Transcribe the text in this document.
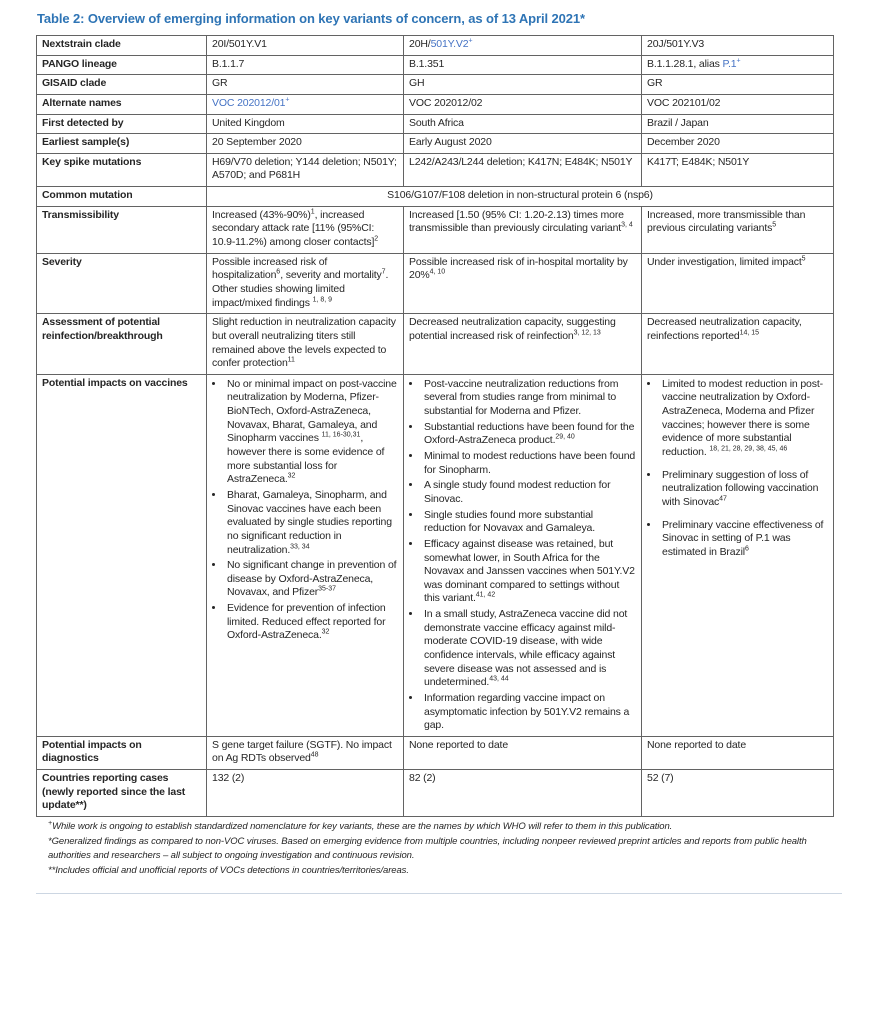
Table 2: Overview of emerging information on key variants of concern, as of 13 April 2021*
Nextstrain clade	20I/501Y.V1	20H/501Y.V2+	20J/501Y.V3
PANGO lineage	B.1.1.7	B.1.351	B.1.1.28.1, alias P.1+
GISAID clade	GR	GH	GR
Alternate names	VOC 202012/01+	VOC 202012/02	VOC 202101/02
First detected by	United Kingdom	South Africa	Brazil / Japan
Earliest sample(s)	20 September 2020	Early August 2020	December 2020
Key spike mutations	H69/V70 deletion; Y144 deletion; N501Y; A570D; and P681H	L242/A243/L244 deletion; K417N; E484K; N501Y	K417T; E484K; N501Y
Common mutation	S106/G107/F108 deletion in non-structural protein 6 (nsp6)		
Transmissibility	Increased $(43\%-90\%)^1$, increased secondary attack rate [11% (95%CI: 10.9-11.2%) among closer contacts]$^2$	Increased [1.50 (95% CI: 1.20-2.13) times more transmissible than previously circulating variant$^{3, 4}$	Increased, more transmissible than previous circulating variants$^5$
Severity	Possible increased risk of hospitalization$^6$, severity and mortality$^7$. Other studies showing limited impact/mixed findings $^{1, 8, 9}$	Possible increased risk of in-hospital mortality by 20%$^{4, 10}$	Under investigation, limited impact$^5$
Assessment of potential reinfection/breakthrough	Slight reduction in neutralization capacity but overall neutralizing titers still remained above the levels expected to confer protection$^{11}$	Decreased neutralization capacity, suggesting potential increased risk of reinfection$^{3, 12, 13}$	Decreased neutralization capacity, reinfections reported$^{14, 15}$
Potential impacts on vaccines	
•No or minimal impact on post-vaccine neutralization by Moderna, Pfizer-BioNTech, Oxford-AstraZeneca, Novavax, Bharat, Gamaleya, and Sinopharm vaccines $^{11, 16-30,31}$, however there is some evidence of more substantial loss for AstraZeneca.$^{32}$
• Bharat, Gamaleya, Sinopharm, and Sinovac vaccines have each been evaluated by single studies reporting no significant reduction in neutralization.$^{33, 34}$
• No significant change in prevention of disease by Oxford-AstraZeneca, Novavax, and Pfizer$^{35-37}$
• Evidence for prevention of infection limited. Reduced effect reported for Oxford-AstraZeneca.$^{32}$

• Post-vaccine neutralization reductions from several from studies range from minimal to substantial for Moderna and Pfizer.
• Substantial reductions have been found for the Oxford-AstraZeneca product.$^{29, 40}$
• Minimal to modest reductions have been found for Sinopharm.
• A single study found modest reduction for Sinovac.
• Single studies found more substantial reduction for Novavax and Gamaleya.
• Efficacy against disease was retained, but somewhat lower, in South Africa for the Novavax and Janssen vaccines when 501Y.V2 was dominant compared to settings without this variant.$^{41, 42}$
• In a small study, AstraZeneca vaccine did not demonstrate vaccine efficacy against mild-moderate COVID-19 disease, with wide confidence intervals, while efficacy against severe disease was not assessed and is undetermined.$^{43, 44}$
• Information regarding vaccine impact on asymptomatic infection by 501Y.V2 remains a gap.

• Limited to modest reduction in post-vaccine neutralization by Oxford-AstraZeneca, Moderna and Pfizer vaccines; however there is some evidence of more substantial reduction. $^{18, 21, 28, 29, 38, 45, 46}$
• Preliminary suggestion of loss of neutralization following vaccination with Sinovac$^{47}$
• Preliminary vaccine effectiveness of Sinovac in setting of P.1 was estimated in Brazil$^6$

Potential impacts on diagnostics	S gene target failure (SGTF). No impact on Ag RDTs observed$^{48}$	None reported to date	None reported to date
Countries reporting cases (newly reported since the last update**)	132 (2)	82 (2)	52 (7)
+While work is ongoing to establish standardized nomenclature for key variants, these are the names by which WHO will refer to them in this publication.
*Generalized findings as compared to non-VOC viruses. Based on emerging evidence from multiple countries, including nonpeer reviewed preprint articles and reports from public health authorities and researchers – all subject to ongoing investigation and continuous revision.
**Includes official and unofficial reports of VOCs detections in countries/territories/areas.
